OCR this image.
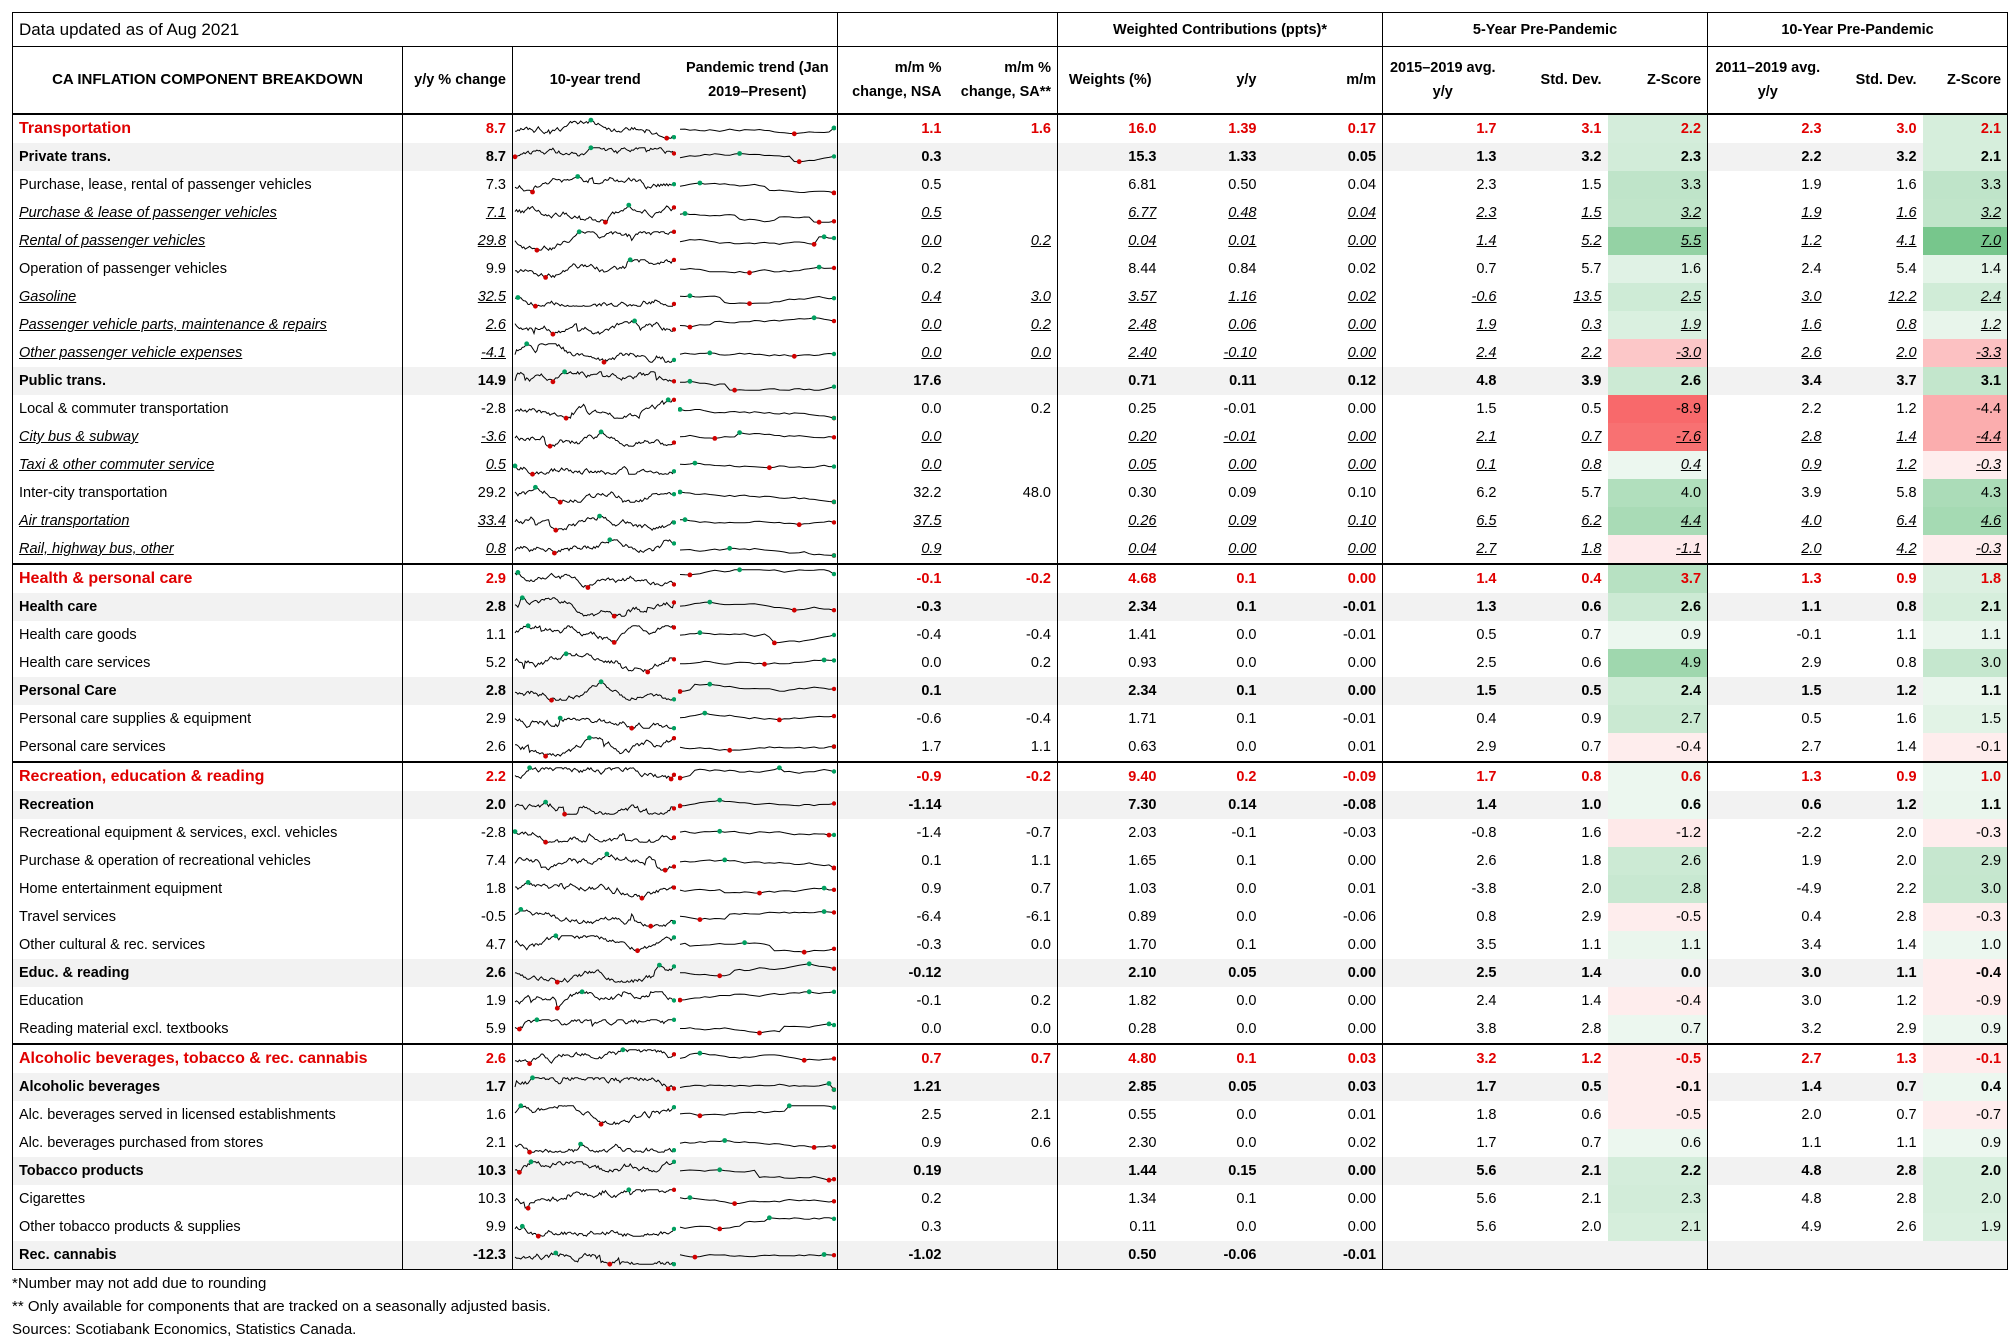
Data updated as of Aug 2021						Weighted Contributions (ppts)*			5-Year Pre-Pandemic			10-Year Pre-Pandemic		
CA INFLATION COMPONENT BREAKDOWN	y/y % change	10-year trend	Pandemic trend (Jan 2019–Present)	m/m % change, NSA	m/m % change, SA**	Weights (%)	y/y	m/m	2015–2019 avg. y/y	Std. Dev.	Z-Score	2011–2019 avg. y/y	Std. Dev.	Z-Score
Transportation	8.7			1.1	1.6	16.0	1.39	0.17	1.7	3.1	2.2	2.3	3.0	2.1
Private trans.	8.7			0.3		15.3	1.33	0.05	1.3	3.2	2.3	2.2	3.2	2.1
Purchase, lease, rental of passenger vehicles	7.3			0.5		6.81	0.50	0.04	2.3	1.5	3.3	1.9	1.6	3.3
Purchase & lease of passenger vehicles	7.1			0.5		6.77	0.48	0.04	2.3	1.5	3.2	1.9	1.6	3.2
Rental of passenger vehicles	29.8			0.0	0.2	0.04	0.01	0.00	1.4	5.2	5.5	1.2	4.1	7.0
Operation of passenger vehicles	9.9			0.2		8.44	0.84	0.02	0.7	5.7	1.6	2.4	5.4	1.4
Gasoline	32.5			0.4	3.0	3.57	1.16	0.02	-0.6	13.5	2.5	3.0	12.2	2.4
Passenger vehicle parts, maintenance & repairs	2.6			0.0	0.2	2.48	0.06	0.00	1.9	0.3	1.9	1.6	0.8	1.2
Other passenger vehicle expenses	-4.1			0.0	0.0	2.40	-0.10	0.00	2.4	2.2	-3.0	2.6	2.0	-3.3
Public trans.	14.9			17.6		0.71	0.11	0.12	4.8	3.9	2.6	3.4	3.7	3.1
Local & commuter transportation	-2.8			0.0	0.2	0.25	-0.01	0.00	1.5	0.5	-8.9	2.2	1.2	-4.4
City bus & subway	-3.6			0.0		0.20	-0.01	0.00	2.1	0.7	-7.6	2.8	1.4	-4.4
Taxi & other commuter service	0.5			0.0		0.05	0.00	0.00	0.1	0.8	0.4	0.9	1.2	-0.3
Inter-city transportation	29.2			32.2	48.0	0.30	0.09	0.10	6.2	5.7	4.0	3.9	5.8	4.3
Air transportation	33.4			37.5		0.26	0.09	0.10	6.5	6.2	4.4	4.0	6.4	4.6
Rail, highway bus, other	0.8			0.9		0.04	0.00	0.00	2.7	1.8	-1.1	2.0	4.2	-0.3
Health & personal care	2.9			-0.1	-0.2	4.68	0.1	0.00	1.4	0.4	3.7	1.3	0.9	1.8
Health care	2.8			-0.3		2.34	0.1	-0.01	1.3	0.6	2.6	1.1	0.8	2.1
Health care goods	1.1			-0.4	-0.4	1.41	0.0	-0.01	0.5	0.7	0.9	-0.1	1.1	1.1
Health care services	5.2			0.0	0.2	0.93	0.0	0.00	2.5	0.6	4.9	2.9	0.8	3.0
Personal Care	2.8			0.1		2.34	0.1	0.00	1.5	0.5	2.4	1.5	1.2	1.1
Personal care supplies & equipment	2.9			-0.6	-0.4	1.71	0.1	-0.01	0.4	0.9	2.7	0.5	1.6	1.5
Personal care services	2.6			1.7	1.1	0.63	0.0	0.01	2.9	0.7	-0.4	2.7	1.4	-0.1
Recreation, education & reading	2.2			-0.9	-0.2	9.40	0.2	-0.09	1.7	0.8	0.6	1.3	0.9	1.0
Recreation	2.0			-1.14		7.30	0.14	-0.08	1.4	1.0	0.6	0.6	1.2	1.1
Recreational equipment & services, excl. vehicles	-2.8			-1.4	-0.7	2.03	-0.1	-0.03	-0.8	1.6	-1.2	-2.2	2.0	-0.3
Purchase & operation of recreational vehicles	7.4			0.1	1.1	1.65	0.1	0.00	2.6	1.8	2.6	1.9	2.0	2.9
Home entertainment equipment	1.8			0.9	0.7	1.03	0.0	0.01	-3.8	2.0	2.8	-4.9	2.2	3.0
Travel services	-0.5			-6.4	-6.1	0.89	0.0	-0.06	0.8	2.9	-0.5	0.4	2.8	-0.3
Other cultural & rec. services	4.7			-0.3	0.0	1.70	0.1	0.00	3.5	1.1	1.1	3.4	1.4	1.0
Educ. & reading	2.6			-0.12		2.10	0.05	0.00	2.5	1.4	0.0	3.0	1.1	-0.4
Education	1.9			-0.1	0.2	1.82	0.0	0.00	2.4	1.4	-0.4	3.0	1.2	-0.9
Reading material excl. textbooks	5.9			0.0	0.0	0.28	0.0	0.00	3.8	2.8	0.7	3.2	2.9	0.9
Alcoholic beverages, tobacco & rec. cannabis	2.6			0.7	0.7	4.80	0.1	0.03	3.2	1.2	-0.5	2.7	1.3	-0.1
Alcoholic beverages	1.7			1.21		2.85	0.05	0.03	1.7	0.5	-0.1	1.4	0.7	0.4
Alc. beverages served in licensed establishments	1.6			2.5	2.1	0.55	0.0	0.01	1.8	0.6	-0.5	2.0	0.7	-0.7
Alc. beverages purchased from stores	2.1			0.9	0.6	2.30	0.0	0.02	1.7	0.7	0.6	1.1	1.1	0.9
Tobacco products	10.3			0.19		1.44	0.15	0.00	5.6	2.1	2.2	4.8	2.8	2.0
Cigarettes	10.3			0.2		1.34	0.1	0.00	5.6	2.1	2.3	4.8	2.8	2.0
Other tobacco products & supplies	9.9			0.3		0.11	0.0	0.00	5.6	2.0	2.1	4.9	2.6	1.9
Rec. cannabis	-12.3			-1.02		0.50	-0.06	-0.01						
*Number may not add due to rounding
** Only available for components that are tracked on a seasonally adjusted basis.
Sources: Scotiabank Economics, Statistics Canada.
